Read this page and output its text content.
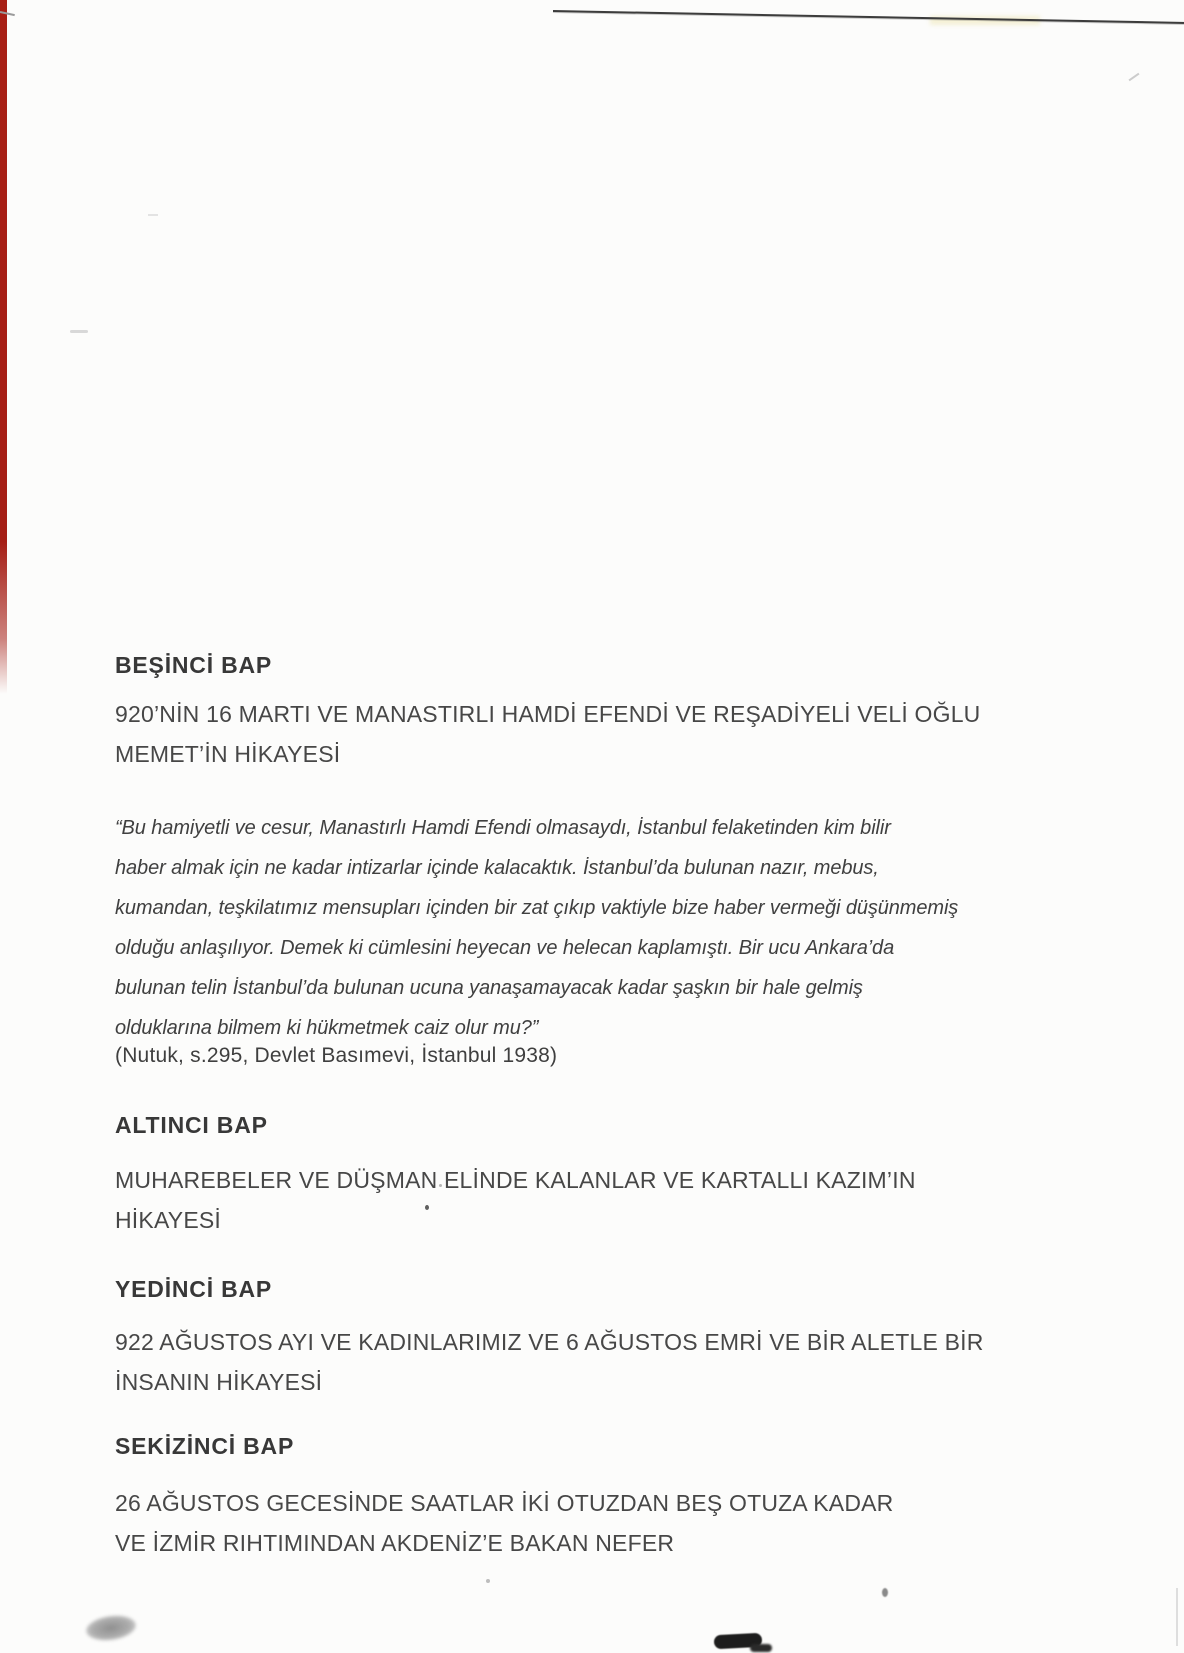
BEŞİNCİ BAP
920’NİN 16 MARTI VE MANASTIRLI HAMDİ EFENDİ VE REŞADİYELİ VELİ OĞLU
MEMET’İN HİKAYESİ
“Bu hamiyetli ve cesur, Manastırlı Hamdi Efendi olmasaydı, İstanbul felaketinden kim bilir
haber almak için ne kadar intizarlar içinde kalacaktık. İstanbul’da bulunan nazır, mebus,
kumandan, teşkilatımız mensupları içinden bir zat çıkıp vaktiyle bize haber vermeği düşünmemiş
olduğu anlaşılıyor. Demek ki cümlesini heyecan ve helecan kaplamıştı. Bir ucu Ankara’da
bulunan telin İstanbul’da bulunan ucuna yanaşamayacak kadar şaşkın bir hale gelmiş
olduklarına bilmem ki hükmetmek caiz olur mu?”
(Nutuk, s.295, Devlet Basımevi, İstanbul 1938)
ALTINCI BAP
MUHAREBELER VE DÜŞMAN ELİNDE KALANLAR VE KARTALLI KAZIM’IN
HİKAYESİ
YEDİNCİ BAP
922 AĞUSTOS AYI VE KADINLARIMIZ VE 6 AĞUSTOS EMRİ VE BİR ALETLE BİR
İNSANIN HİKAYESİ
SEKİZİNCİ BAP
26 AĞUSTOS GECESİNDE SAATLAR İKİ OTUZDAN BEŞ OTUZA KADAR
VE İZMİR RIHTIMINDAN AKDENİZ’E BAKAN NEFER
